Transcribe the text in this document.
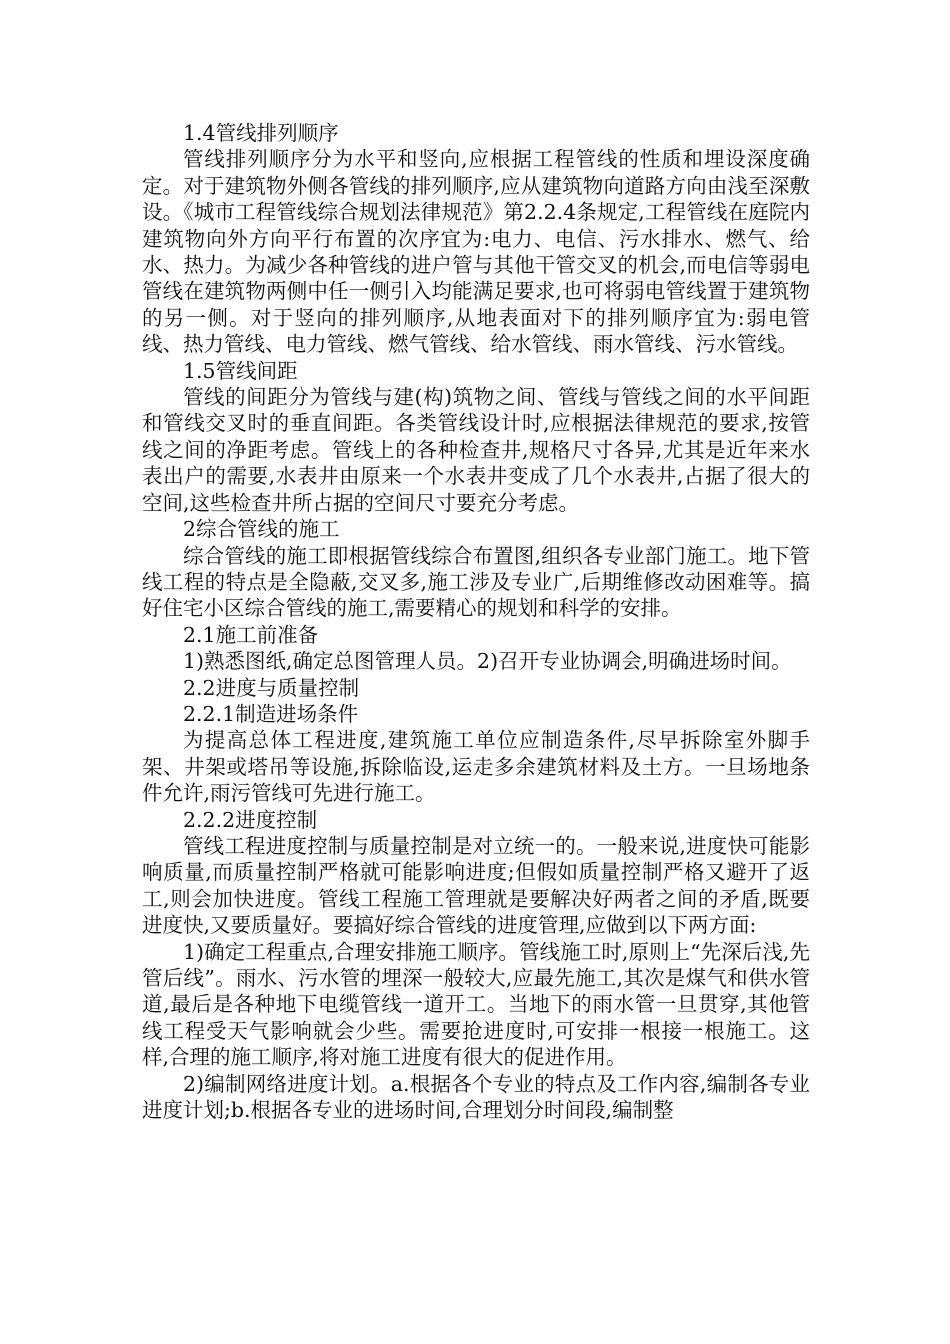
1.4管线排列顺序

管线排列顺序分为水平和竖向,应根据工程管线的性质和埋设深度确定。对于建筑物外侧各管线的排列顺序,应从建筑物向道路方向由浅至深敷设。《城市工程管线综合规划法律规范》第2.2.4条规定,工程管线在庭院内建筑物向外方向平行布置的次序宜为:电力、电信、污水排水、燃气、给水、热力。为减少各种管线的进户管与其他干管交叉的机会,而电信等弱电管线在建筑物两侧中任一侧引入均能满足要求,也可将弱电管线置于建筑物的另一侧。对于竖向的排列顺序,从地表面对下的排列顺序宜为:弱电管线、热力管线、电力管线、燃气管线、给水管线、雨水管线、污水管线。

1.5管线间距

管线的间距分为管线与建(构)筑物之间、管线与管线之间的水平间距和管线交叉时的垂直间距。各类管线设计时,应根据法律规范的要求,按管线之间的净距考虑。管线上的各种检查井,规格尺寸各异,尤其是近年来水表出户的需要,水表井由原来一个水表井变成了几个水表井,占据了很大的空间,这些检查井所占据的空间尺寸要充分考虑。

2综合管线的施工

综合管线的施工即根据管线综合布置图,组织各专业部门施工。地下管线工程的特点是全隐蔽,交叉多,施工涉及专业广,后期维修改动困难等。搞好住宅小区综合管线的施工,需要精心的规划和科学的安排。

2.1施工前准备

1)熟悉图纸,确定总图管理人员。2)召开专业协调会,明确进场时间。

2.2进度与质量控制

2.2.1制造进场条件

为提高总体工程进度,建筑施工单位应制造条件,尽早拆除室外脚手架、井架或塔吊等设施,拆除临设,运走多余建筑材料及土方。一旦场地条件允许,雨污管线可先进行施工。

2.2.2进度控制

管线工程进度控制与质量控制是对立统一的。一般来说,进度快可能影响质量,而质量控制严格就可能影响进度;但假如质量控制严格又避开了返工,则会加快进度。管线工程施工管理就是要解决好两者之间的矛盾,既要进度快,又要质量好。要搞好综合管线的进度管理,应做到以下两方面:

1)确定工程重点,合理安排施工顺序。管线施工时,原则上“先深后浅,先管后线”。雨水、污水管的埋深一般较大,应最先施工,其次是煤气和供水管道,最后是各种地下电缆管线一道开工。当地下的雨水管一旦贯穿,其他管线工程受天气影响就会少些。需要抢进度时,可安排一根接一根施工。这样,合理的施工顺序,将对施工进度有很大的促进作用。

2)编制网络进度计划。a.根据各个专业的特点及工作内容,编制各专业进度计划;b.根据各专业的进场时间,合理划分时间段,编制整
